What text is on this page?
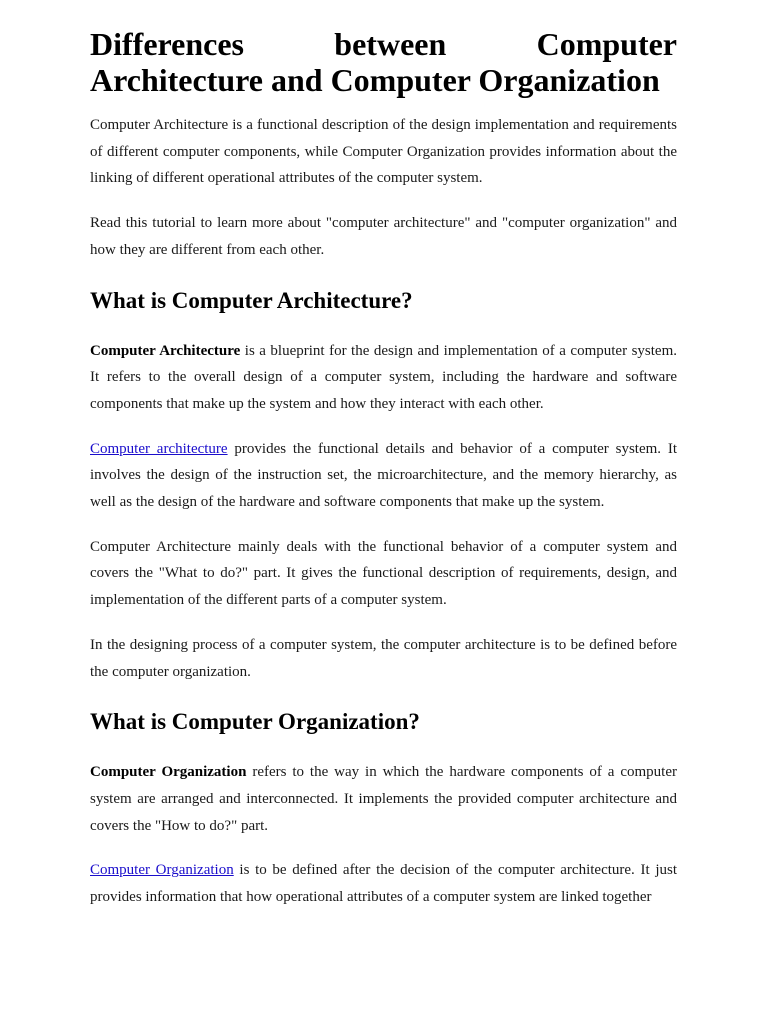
Differences between Computer Architecture and Computer Organization

Computer Architecture is a functional description of the design implementation and requirements of different computer components, while Computer Organization provides information about the linking of different operational attributes of the computer system.

Read this tutorial to learn more about "computer architecture" and "computer organization" and how they are different from each other.

What is Computer Architecture?

Computer Architecture is a blueprint for the design and implementation of a computer system. It refers to the overall design of a computer system, including the hardware and software components that make up the system and how they interact with each other.

Computer architecture provides the functional details and behavior of a computer system. It involves the design of the instruction set, the microarchitecture, and the memory hierarchy, as well as the design of the hardware and software components that make up the system.

Computer Architecture mainly deals with the functional behavior of a computer system and covers the "What to do?" part. It gives the functional description of requirements, design, and implementation of the different parts of a computer system.

In the designing process of a computer system, the computer architecture is to be defined before the computer organization.

What is Computer Organization?

Computer Organization refers to the way in which the hardware components of a computer system are arranged and interconnected. It implements the provided computer architecture and covers the "How to do?" part.

Computer Organization is to be defined after the decision of the computer architecture. It just provides information that how operational attributes of a computer system are linked together
